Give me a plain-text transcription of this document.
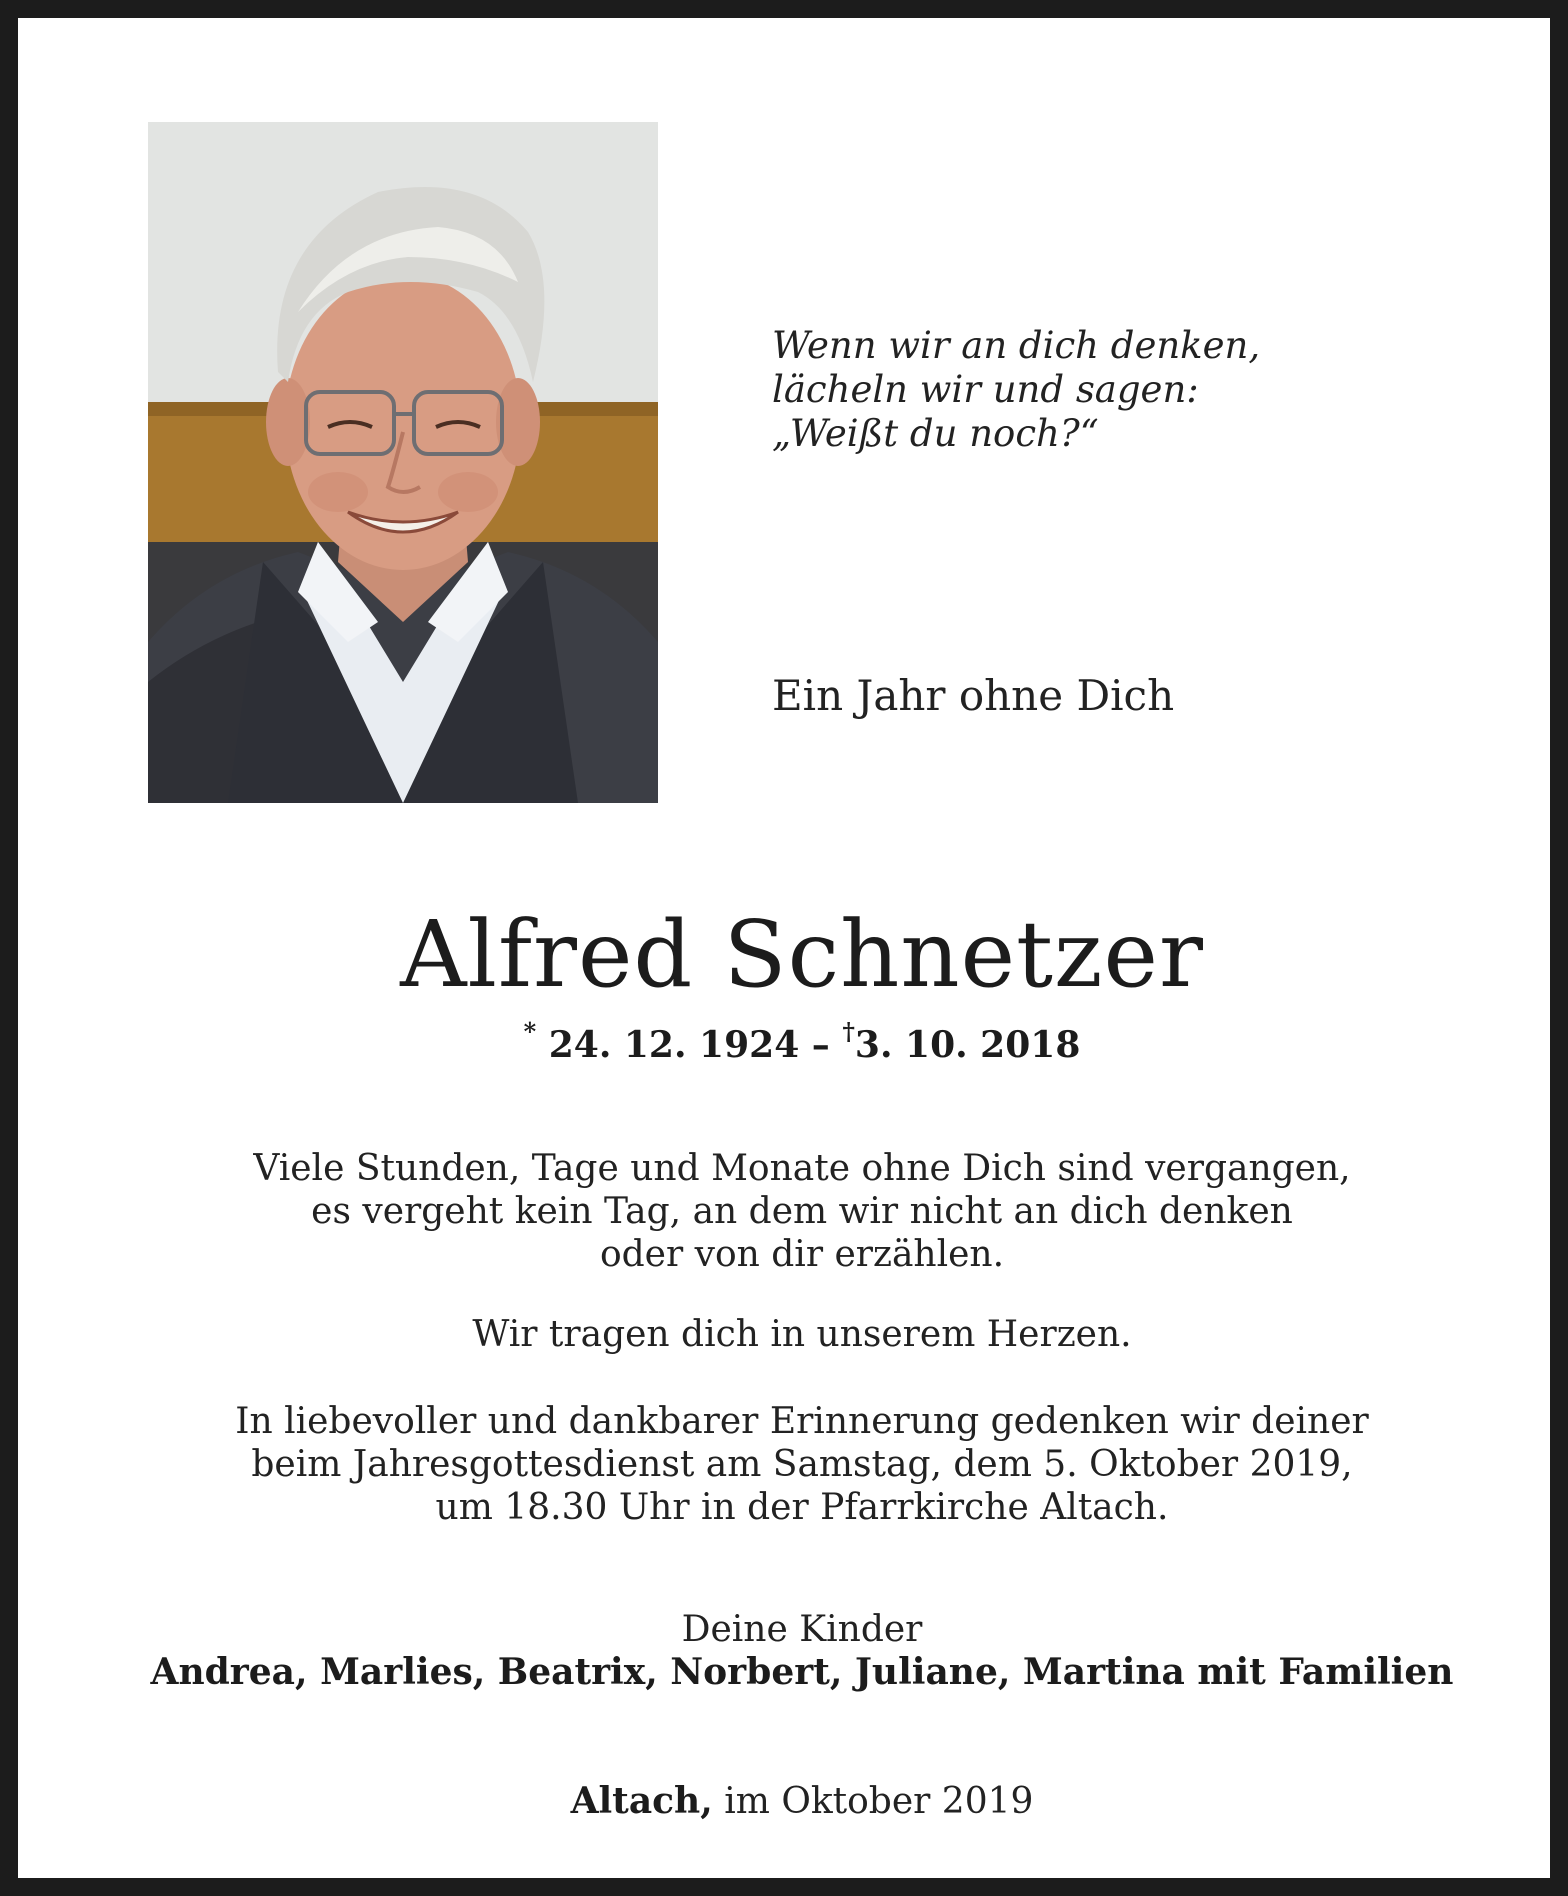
Wenn wir an dich denken,
lächeln wir und sagen:
„Weißt du noch?“
Ein Jahr ohne Dich
Alfred Schnetzer
* 24. 12. 1924 – †3. 10. 2018
Viele Stunden, Tage und Monate ohne Dich sind vergangen,
es vergeht kein Tag, an dem wir nicht an dich denken
oder von dir erzählen.
Wir tragen dich in unserem Herzen.
In liebevoller und dankbarer Erinnerung gedenken wir deiner
beim Jahresgottesdienst am Samstag, dem 5. Oktober 2019,
um 18.30 Uhr in der Pfarrkirche Altach.
Deine Kinder
Andrea, Marlies, Beatrix, Norbert, Juliane, Martina mit Familien
Altach, im Oktober 2019
